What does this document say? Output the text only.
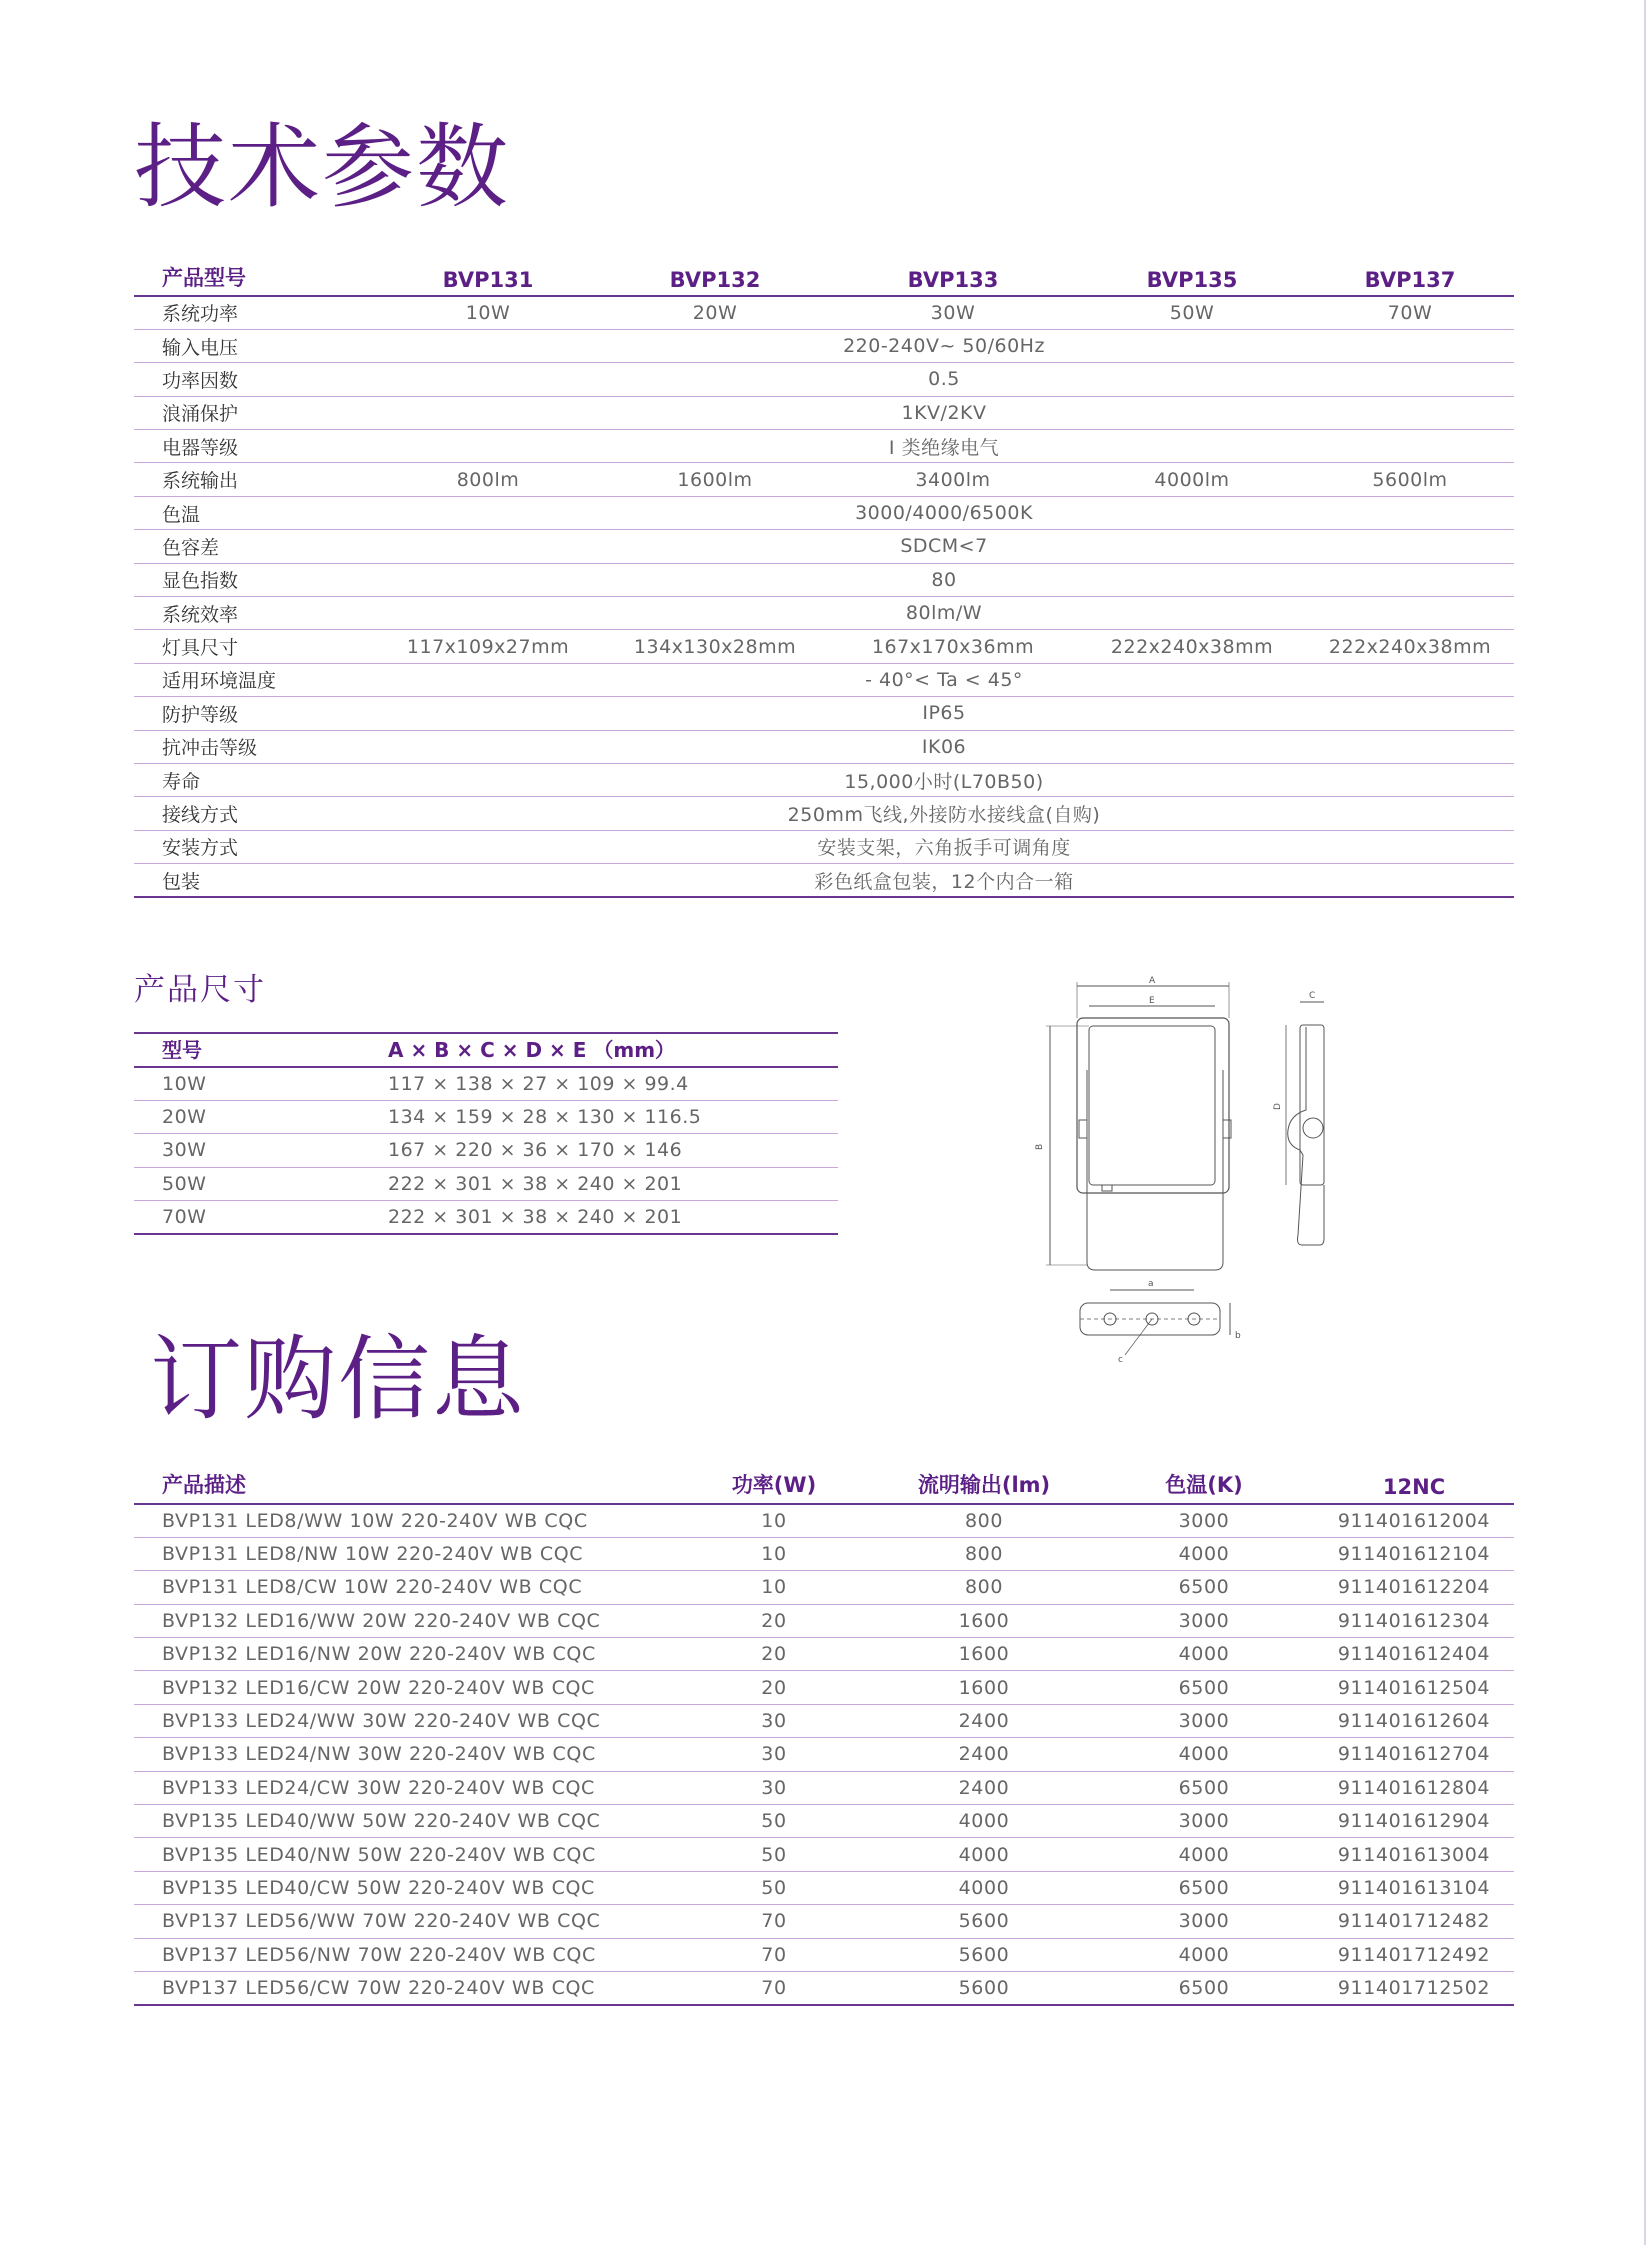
技术参数
产品型号	BVP131	BVP132	BVP133	BVP135	BVP137
系统功率	10W	20W	30W	50W	70W
输入电压	220-240V~ 50/60Hz				
功率因数	0.5				
浪涌保护	1KV/2KV				
电器等级	I 类绝缘电气				
系统输出	800lm	1600lm	3400lm	4000lm	5600lm
色温	3000/4000/6500K				
色容差	SDCM<7				
显色指数	80				
系统效率	80lm/W				
灯具尺寸	117x109x27mm	134x130x28mm	167x170x36mm	222x240x38mm	222x240x38mm
适用环境温度	- 40°< Ta < 45°				
防护等级	IP65				
抗冲击等级	IK06				
寿命	15,000小时(L70B50)				
接线方式	250mm飞线,外接防水接线盒(自购)				
安装方式	安装支架，六角扳手可调角度				
包装	彩色纸盒包装，12个内合一箱				
产品尺寸
型号	A × B × C × D × E （mm）
10W	117 × 138 × 27 × 109 × 99.4
20W	134 × 159 × 28 × 130 × 116.5
30W	167 × 220 × 36 × 170 × 146
50W	222 × 301 × 38 × 240 × 201
70W	222 × 301 × 38 × 240 × 201
A
E
B
D
C
a
b
c
订购信息
产品描述	功率(W)	流明输出(lm)	色温(K)	12NC
BVP131 LED8/WW 10W 220-240V WB CQC	10	800	3000	911401612004
BVP131 LED8/NW 10W 220-240V WB CQC	10	800	4000	911401612104
BVP131 LED8/CW 10W 220-240V WB CQC	10	800	6500	911401612204
BVP132 LED16/WW 20W 220-240V WB CQC	20	1600	3000	911401612304
BVP132 LED16/NW 20W 220-240V WB CQC	20	1600	4000	911401612404
BVP132 LED16/CW 20W 220-240V WB CQC	20	1600	6500	911401612504
BVP133 LED24/WW 30W 220-240V WB CQC	30	2400	3000	911401612604
BVP133 LED24/NW 30W 220-240V WB CQC	30	2400	4000	911401612704
BVP133 LED24/CW 30W 220-240V WB CQC	30	2400	6500	911401612804
BVP135 LED40/WW 50W 220-240V WB CQC	50	4000	3000	911401612904
BVP135 LED40/NW 50W 220-240V WB CQC	50	4000	4000	911401613004
BVP135 LED40/CW 50W 220-240V WB CQC	50	4000	6500	911401613104
BVP137 LED56/WW 70W 220-240V WB CQC	70	5600	3000	911401712482
BVP137 LED56/NW 70W 220-240V WB CQC	70	5600	4000	911401712492
BVP137 LED56/CW 70W 220-240V WB CQC	70	5600	6500	911401712502
